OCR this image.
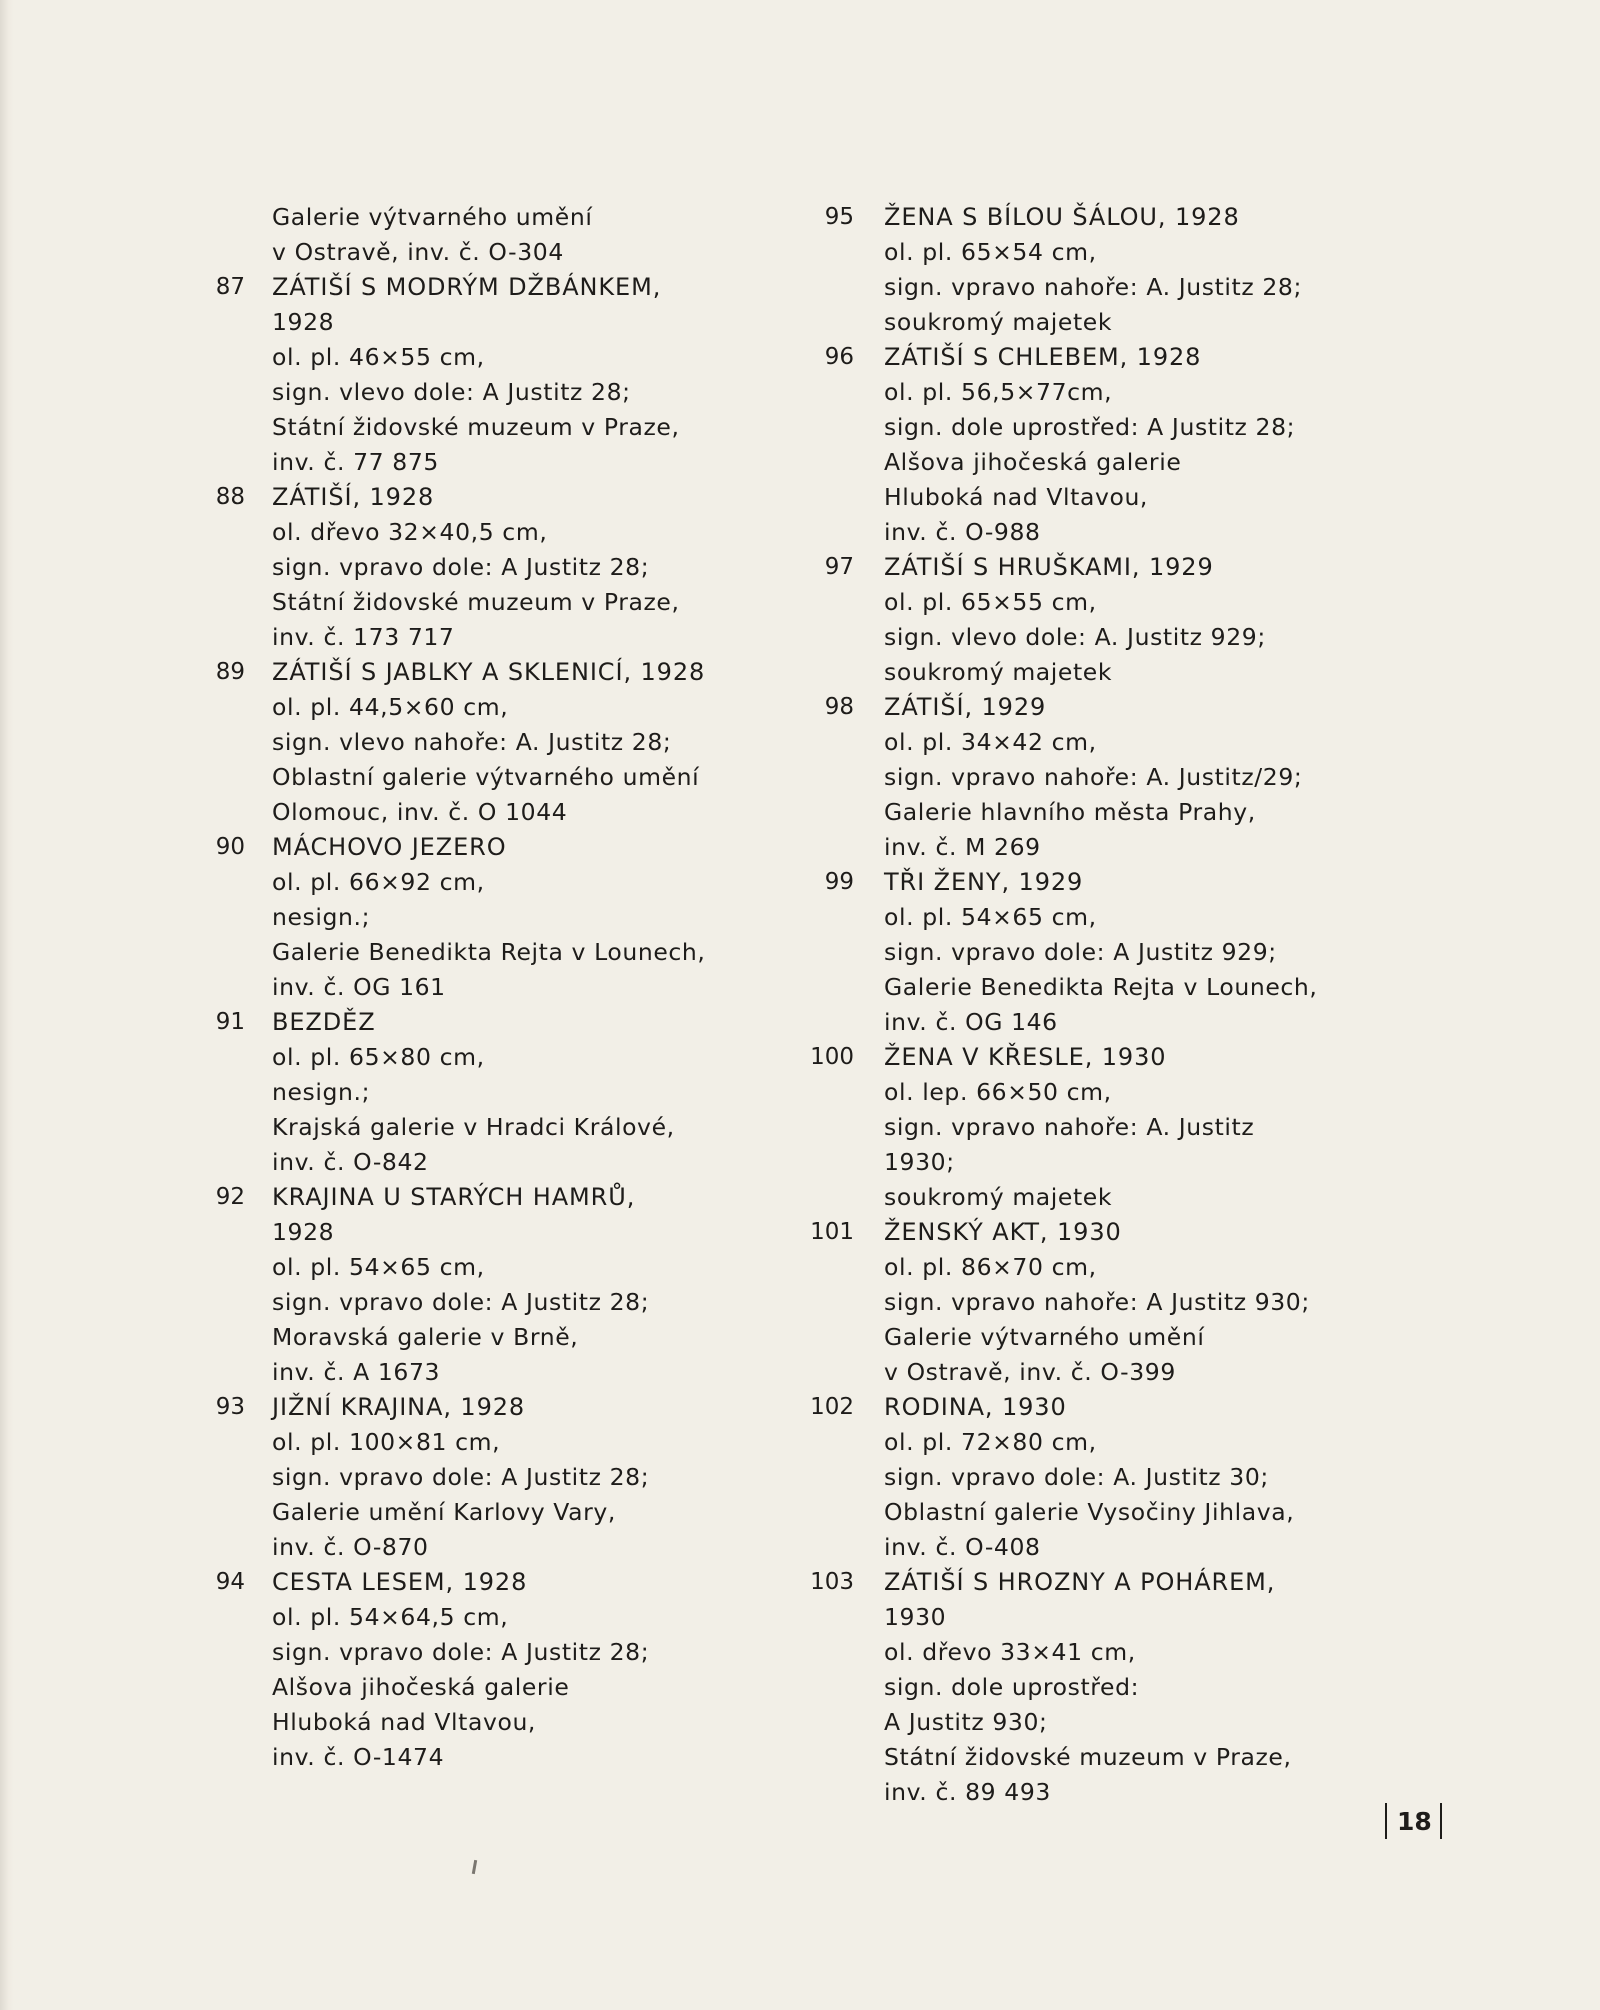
Galerie výtvarného umění
v Ostravě, inv. č. O-304
87 ZÁTIŠÍ S MODRÝM DŽBÁNKEM,
1928
ol. pl. 46×55 cm,
sign. vlevo dole: A Justitz 28;
Státní židovské muzeum v Praze,
inv. č. 77 875
88 ZÁTIŠÍ, 1928
ol. dřevo 32×40,5 cm,
sign. vpravo dole: A Justitz 28;
Státní židovské muzeum v Praze,
inv. č. 173 717
89 ZÁTIŠÍ S JABLKY A SKLENICÍ, 1928
ol. pl. 44,5×60 cm,
sign. vlevo nahoře: A. Justitz 28;
Oblastní galerie výtvarného umění
Olomouc, inv. č. O 1044
90 MÁCHOVO JEZERO
ol. pl. 66×92 cm,
nesign.;
Galerie Benedikta Rejta v Lounech,
inv. č. OG 161
91 BEZDĚZ
ol. pl. 65×80 cm,
nesign.;
Krajská galerie v Hradci Králové,
inv. č. O-842
92 KRAJINA U STARÝCH HAMRŮ,
1928
ol. pl. 54×65 cm,
sign. vpravo dole: A Justitz 28;
Moravská galerie v Brně,
inv. č. A 1673
93 JIŽNÍ KRAJINA, 1928
ol. pl. 100×81 cm,
sign. vpravo dole: A Justitz 28;
Galerie umění Karlovy Vary,
inv. č. O-870
94 CESTA LESEM, 1928
ol. pl. 54×64,5 cm,
sign. vpravo dole: A Justitz 28;
Alšova jihočeská galerie
Hluboká nad Vltavou,
inv. č. O-1474
95 ŽENA S BÍLOU ŠÁLOU, 1928
ol. pl. 65×54 cm,
sign. vpravo nahoře: A. Justitz 28;
soukromý majetek
96 ZÁTIŠÍ S CHLEBEM, 1928
ol. pl. 56,5×77cm,
sign. dole uprostřed: A Justitz 28;
Alšova jihočeská galerie
Hluboká nad Vltavou,
inv. č. O-988
97 ZÁTIŠÍ S HRUŠKAMI, 1929
ol. pl. 65×55 cm,
sign. vlevo dole: A. Justitz 929;
soukromý majetek
98 ZÁTIŠÍ, 1929
ol. pl. 34×42 cm,
sign. vpravo nahoře: A. Justitz/29;
Galerie hlavního města Prahy,
inv. č. M 269
99 TŘI ŽENY, 1929
ol. pl. 54×65 cm,
sign. vpravo dole: A Justitz 929;
Galerie Benedikta Rejta v Lounech,
inv. č. OG 146
100 ŽENA V KŘESLE, 1930
ol. lep. 66×50 cm,
sign. vpravo nahoře: A. Justitz
1930;
soukromý majetek
101 ŽENSKÝ AKT, 1930
ol. pl. 86×70 cm,
sign. vpravo nahoře: A Justitz 930;
Galerie výtvarného umění
v Ostravě, inv. č. O-399
102 RODINA, 1930
ol. pl. 72×80 cm,
sign. vpravo dole: A. Justitz 30;
Oblastní galerie Vysočiny Jihlava,
inv. č. O-408
103 ZÁTIŠÍ S HROZNY A POHÁREM,
1930
ol. dřevo 33×41 cm,
sign. dole uprostřed:
A Justitz 930;
Státní židovské muzeum v Praze,
inv. č. 89 493
18
